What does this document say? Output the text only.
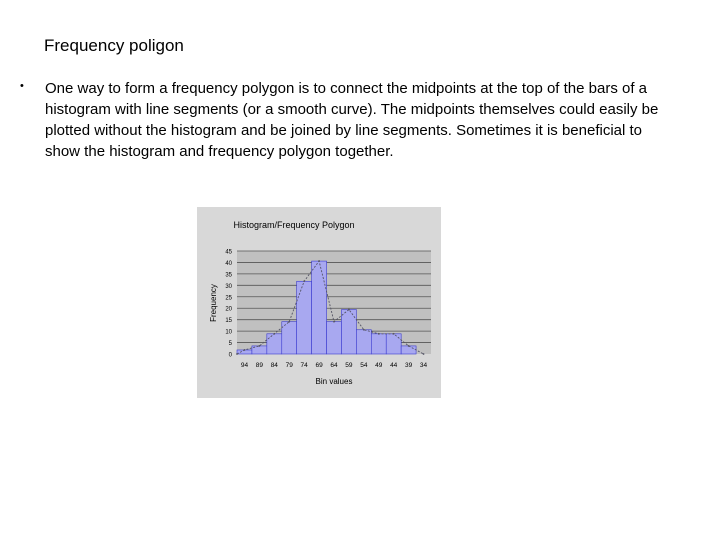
Frequency poligon
• One way to form a frequency polygon is to connect the midpoints at the top of the bars of a histogram with line segments (or a smooth curve). The midpoints themselves could easily be plotted without the histogram and be joined by line segments. Sometimes it is beneficial to show the histogram and frequency polygon together.

Histogram/Frequency Polygon
0
5
10
15
20
25
30
35
40
45
94 89 84 79 74 69 64 59 54 49 44 39 34
Frequency
Bin values
